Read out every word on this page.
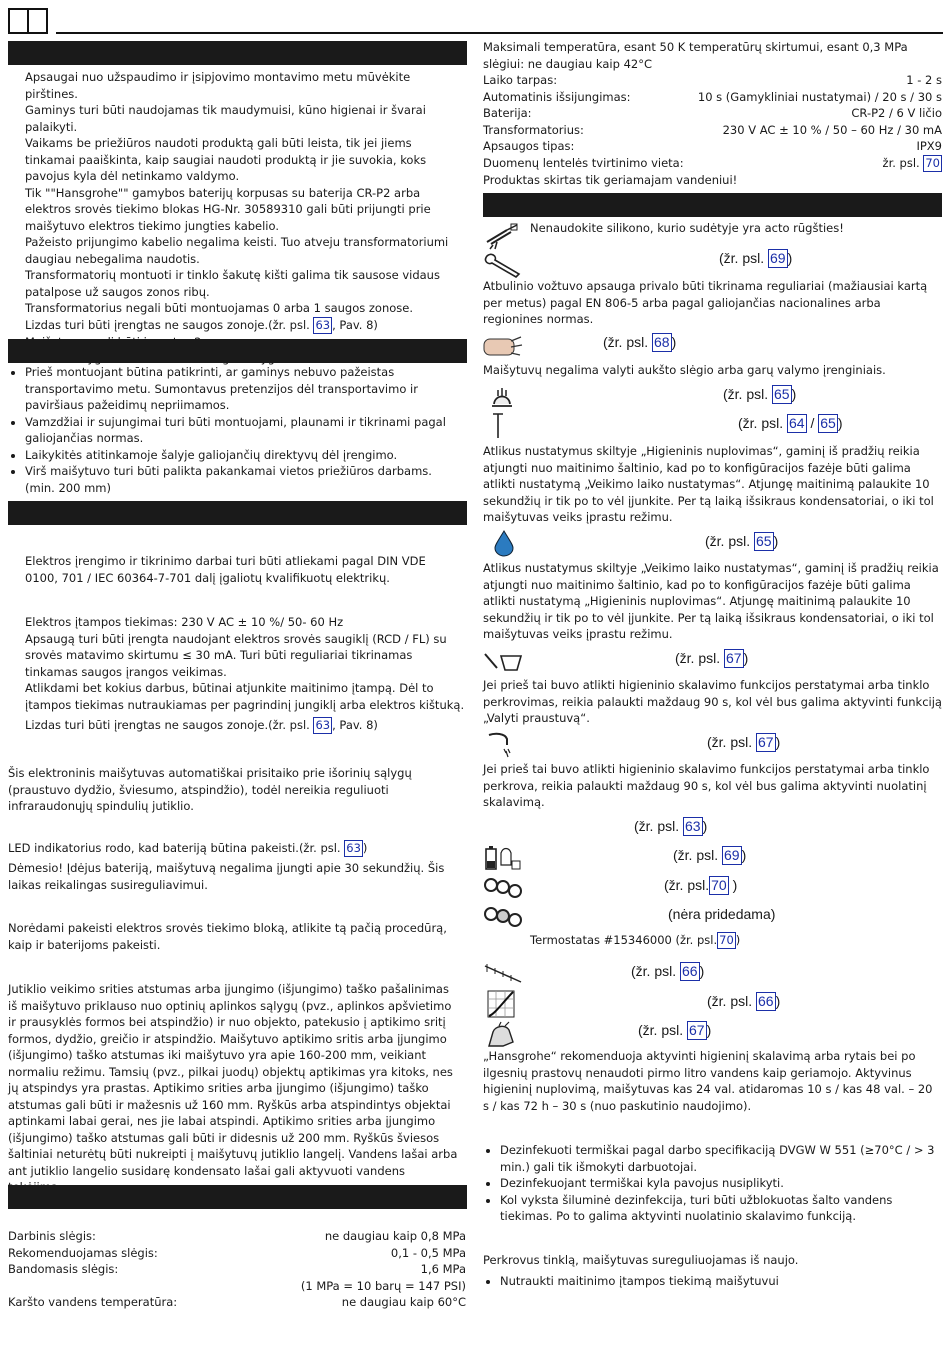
Apsaugai nuo užspaudimo ir įsipjovimo montavimo metu mūvėkite pirštines.

Gaminys turi būti naudojamas tik maudymuisi, kūno higienai ir švarai palaikyti.

Vaikams be priežiūros naudoti produktą gali būti leista, tik jei jiems tinkamai paaiškinta, kaip saugiai naudoti produktą ir jie suvokia, koks pavojus kyla dėl netinkamo valdymo.

Tik ""Hansgrohe"" gamybos baterijų korpusas su baterija CR-P2 arba elektros srovės tiekimo blokas HG-Nr. 30589310 gali būti prijungti prie maišytuvo elektros tiekimo jungties kabelio.

Pažeisto prijungimo kabelio negalima keisti. Tuo atveju transformatoriumi daugiau nebegalima naudotis.

Transformatorių montuoti ir tinklo šakutę kišti galima tik sausose vidaus patalpose už saugos zonos ribų.

Transformatorius negali būti montuojamas 0 arba 1 saugos zonose.

Lizdas turi būti įrengtas ne saugos zonoje.(žr. psl. 63 , Pav. 8)

• Prieš montuojant būtina patikrinti, ar gaminys nebuvo pažeistas transportavimo metu. Sumontavus pretenzijos dėl transportavimo ir paviršiaus pažeidimų nepriimamos.
• Vamzdžiai ir sujungimai turi būti montuojami, plaunami ir tikrinami pagal galiojančias normas.
• Laikykitės atitinkamoje šalyje galiojančių direktyvų dėl įrengimo.
• Virš maišytuvo turi būti palikta pakankamai vietos priežiūros darbams. (min. 200 mm)

Elektros įrengimo ir tikrinimo darbai turi būti atliekami pagal DIN VDE 0100, 701 / IEC 60364-7-701 dalį įgaliotų kvalifikuotų elektrikų.

Elektros įtampos tiekimas: 230 V AC ± 10 %/ 50- 60 Hz

Apsaugą turi būti įrengta naudojant elektros srovės saugiklį (RCD / FL) su srovės matavimo skirtumu ≤ 30 mA. Turi būti reguliariai tikrinamas tinkamas saugos įrangos veikimas.

Atlikdami bet kokius darbus, būtinai atjunkite maitinimo įtampą. Dėl to įtampos tiekimas nutraukiamas per pagrindinį jungiklį arba elektros kištuką.

Lizdas turi būti įrengtas ne saugos zonoje.(žr. psl. 63 , Pav. 8)

Šis elektroninis maišytuvas automatiškai prisitaiko prie išorinių sąlygų (praustuvo dydžio, šviesumo, atspindžio), todėl nereikia reguliuoti infraraudonųjų spindulių jutiklio.

LED indikatorius rodo, kad bateriją būtina pakeisti.(žr. psl. 63 )

Dėmesio! Įdėjus bateriją, maišytuvą negalima įjungti apie 30 sekundžių. Šis laikas reikalingas susireguliavimui.

Norėdami pakeisti elektros srovės tiekimo bloką, atlikite tą pačią procedūrą, kaip ir baterijoms pakeisti.

Jutiklio veikimo srities atstumas arba įjungimo (išjungimo) taško pašalinimas iš maišytuvo priklauso nuo optinių aplinkos sąlygų (pvz., aplinkos apšvietimo ir prausyklės formos bei atspindžio) ir nuo objekto, patekusio į aptikimo sritį formos, dydžio, greičio ir atspindžio. Maišytuvo aptikimo sritis arba įjungimo (išjungimo) taško atstumas iki maišytuvo yra apie 160-200 mm, veikiant normaliu režimu. Tamsių (pvz., pilkai juodų) objektų aptikimas yra kitoks, nes jų atspindys yra prastas. Aptikimo srities arba įjungimo (išjungimo) taško atstumas gali būti ir mažesnis už 160 mm. Ryškūs arba atspindintys objektai aptinkami labai gerai, nes jie labai atspindi. Aptikimo srities arba įjungimo (išjungimo) taško atstumas gali būti ir didesnis už 200 mm. Ryškūs šviesos šaltiniai neturėtų būti nukreipti į maišytuvų jutiklio langelį. Vandens lašai arba ant jutiklio langelio susidarę kondensato lašai gali aktyvuoti vandens

Darbinis slėgis:	ne daugiau kaip 0,8 MPa
Rekomenduojamas slėgis:	0,1 - 0,5 MPa
Bandomasis slėgis:	1,6 MPa
(1 MPa = 10 barų = 147 PSI)
Karšto vandens temperatūra:	ne daugiau kaip 60°C

Maksimali temperatūra, esant 50 K temperatūrų skirtumui, esant 0,3 MPa slėgiui: ne daugiau kaip 42°C

Laiko tarpas:	1 - 2 s
Automatinis išsijungimas:	10 s (Gamykliniai nustatymai) / 20 s / 30 s
Baterija:	CR-P2 / 6 V ličio
Transformatorius:	230 V AC ± 10 % / 50 – 60 Hz / 30 mA
Apsaugos tipas:	IPX9
Duomenų lentelės tvirtinimo vieta:	žr. psl. 70

Produktas skirtas tik geriamajam vandeniui!

Nenaudokite silikono, kurio sudėtyje yra acto rūgšties!

(žr. psl. 69 )

Atbulinio vožtuvo apsauga privalo būti tikrinama reguliariai (mažiausiai kartą per metus) pagal EN 806-5 arba pagal galiojančias nacionalines arba regionines normas.

(žr. psl. 68 )

Maišytuvų negalima valyti aukšto slėgio arba garų valymo įrenginiais.

(žr. psl. 65 )
(žr. psl. 64 / 65 )

Atlikus nustatymus skiltyje „Higieninis nuplovimas“, gaminį iš pradžių reikia atjungti nuo maitinimo šaltinio, kad po to konfigūracijos fazėje būti galima atlikti nustatymą „Veikimo laiko nustatymas“. Atjungę maitinimą palaukite 10 sekundžių ir tik po to vėl įjunkite. Per tą laiką išsikraus kondensatoriai, o iki tol maišytuvas veiks įprastu režimu.

(žr. psl. 65 )

Atlikus nustatymus skiltyje „Veikimo laiko nustatymas“, gaminį iš pradžių reikia atjungti nuo maitinimo šaltinio, kad po to konfigūracijos fazėje būti galima atlikti nustatymą „Higieninis nuplovimas“. Atjungę maitinimą palaukite 10 sekundžių ir tik po to vėl įjunkite. Per tą laiką išsikraus kondensatoriai, o iki tol maišytuvas veiks įprastu režimu.

(žr. psl. 67 )

Jei prieš tai buvo atlikti higieninio skalavimo funkcijos perstatymai arba tinklo perkrovimas, reikia palaukti maždaug 90 s, kol vėl bus galima aktyvinti funkciją „Valyti praustuvą“.

(žr. psl. 67 )

Jei prieš tai buvo atlikti higieninio skalavimo funkcijos perstatymai arba tinklo perkrova, reikia palaukti maždaug 90 s, kol vėl bus galima aktyvinti nuolatinį skalavimą.

(žr. psl. 63 )
(žr. psl. 69 )
(žr. psl. 70 )
(nėra pridedama)

Termostatas #15346000 (žr. psl. 70 )

(žr. psl. 66 )
(žr. psl. 66 )
(žr. psl. 67 )

„Hansgrohe“ rekomenduoja aktyvinti higieninį skalavimą arba rytais bei po ilgesnių prastovų nenaudoti pirmo litro vandens kaip geriamojo. Aktyvinus higieninį nuplovimą, maišytuvas kas 24 val. atidaromas 10 s / kas 48 val. – 20 s / kas 72 h – 30 s (nuo paskutinio naudojimo).

• Dezinfekuoti termiškai pagal darbo specifikaciją DVGW W 551 (≥70°C / > 3 min.) gali tik išmokyti darbuotojai.
• Dezinfekuojant termiškai kyla pavojus nusiplikyti.
• Kol vyksta šiluminė dezinfekcija, turi būti užblokuotas šalto vandens tiekimas. Po to galima aktyvinti nuolatinio skalavimo funkciją.

Perkrovus tinklą, maišytuvas sureguliuojamas iš naujo.

• Nutraukti maitinimo įtampos tiekimą maišytuvui
